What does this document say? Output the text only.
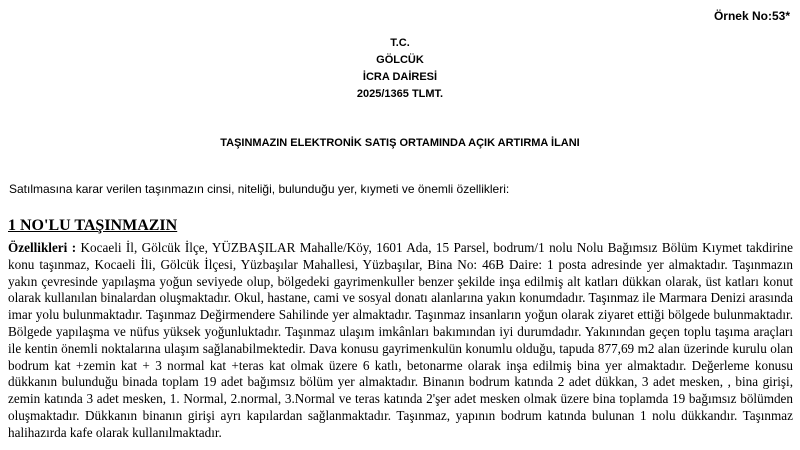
Örnek No:53*
T.C.
GÖLCÜK
İCRA DAİRESİ
2025/1365 TLMT.
TAŞINMAZIN ELEKTRONİK SATIŞ ORTAMINDA AÇIK ARTIRMA İLANI
Satılmasına karar verilen taşınmazın cinsi, niteliği, bulunduğu yer, kıymeti ve önemli özellikleri:
1 NO'LU TAŞINMAZIN

Özellikleri : Kocaeli İl, Gölcük İlçe, YÜZBAŞILAR Mahalle/Köy, 1601 Ada, 15 Parsel, bodrum/1 nolu Nolu Bağımsız Bölüm Kıymet takdirine konu taşınmaz, Kocaeli İli, Gölcük İlçesi, Yüzbaşılar Mahallesi, Yüzbaşılar, Bina No: 46B Daire: 1 posta adresinde yer almaktadır. Taşınmazın yakın çevresinde yapılaşma yoğun seviyede olup, bölgedeki gayrimenkuller benzer şekilde inşa edilmiş alt katları dükkan olarak, üst katları konut olarak kullanılan binalardan oluşmaktadır. Okul, hastane, cami ve sosyal donatı alanlarına yakın konumdadır. Taşınmaz ile Marmara Denizi arasında imar yolu bulunmaktadır. Taşınmaz Değirmendere Sahilinde yer almaktadır. Taşınmaz insanların yoğun olarak ziyaret ettiği bölgede bulunmaktadır. Bölgede yapılaşma ve nüfus yüksek yoğunluktadır. Taşınmaz ulaşım imkânları bakımından iyi durumdadır. Yakınından geçen toplu taşıma araçları ile kentin önemli noktalarına ulaşım sağlanabilmektedir. Dava konusu gayrimenkulün konumlu olduğu, tapuda 877,69 m2 alan üzerinde kurulu olan bodrum kat +zemin kat + 3 normal kat +teras kat olmak üzere 6 katlı, betonarme olarak inşa edilmiş bina yer almaktadır. Değerleme konusu dükkanın bulunduğu binada toplam 19 adet bağımsız bölüm yer almaktadır. Binanın bodrum katında 2 adet dükkan, 3 adet mesken, , bina girişi, zemin katında 3 adet mesken, 1. Normal, 2.normal, 3.Normal ve teras katında 2'şer adet mesken olmak üzere bina toplamda 19 bağımsız bölümden oluşmaktadır. Dükkanın binanın girişi ayrı kapılardan sağlanmaktadır. Taşınmaz, yapının bodrum katında bulunan 1 nolu dükkandır. Taşınmaz halihazırda kafe olarak kullanılmaktadır.
